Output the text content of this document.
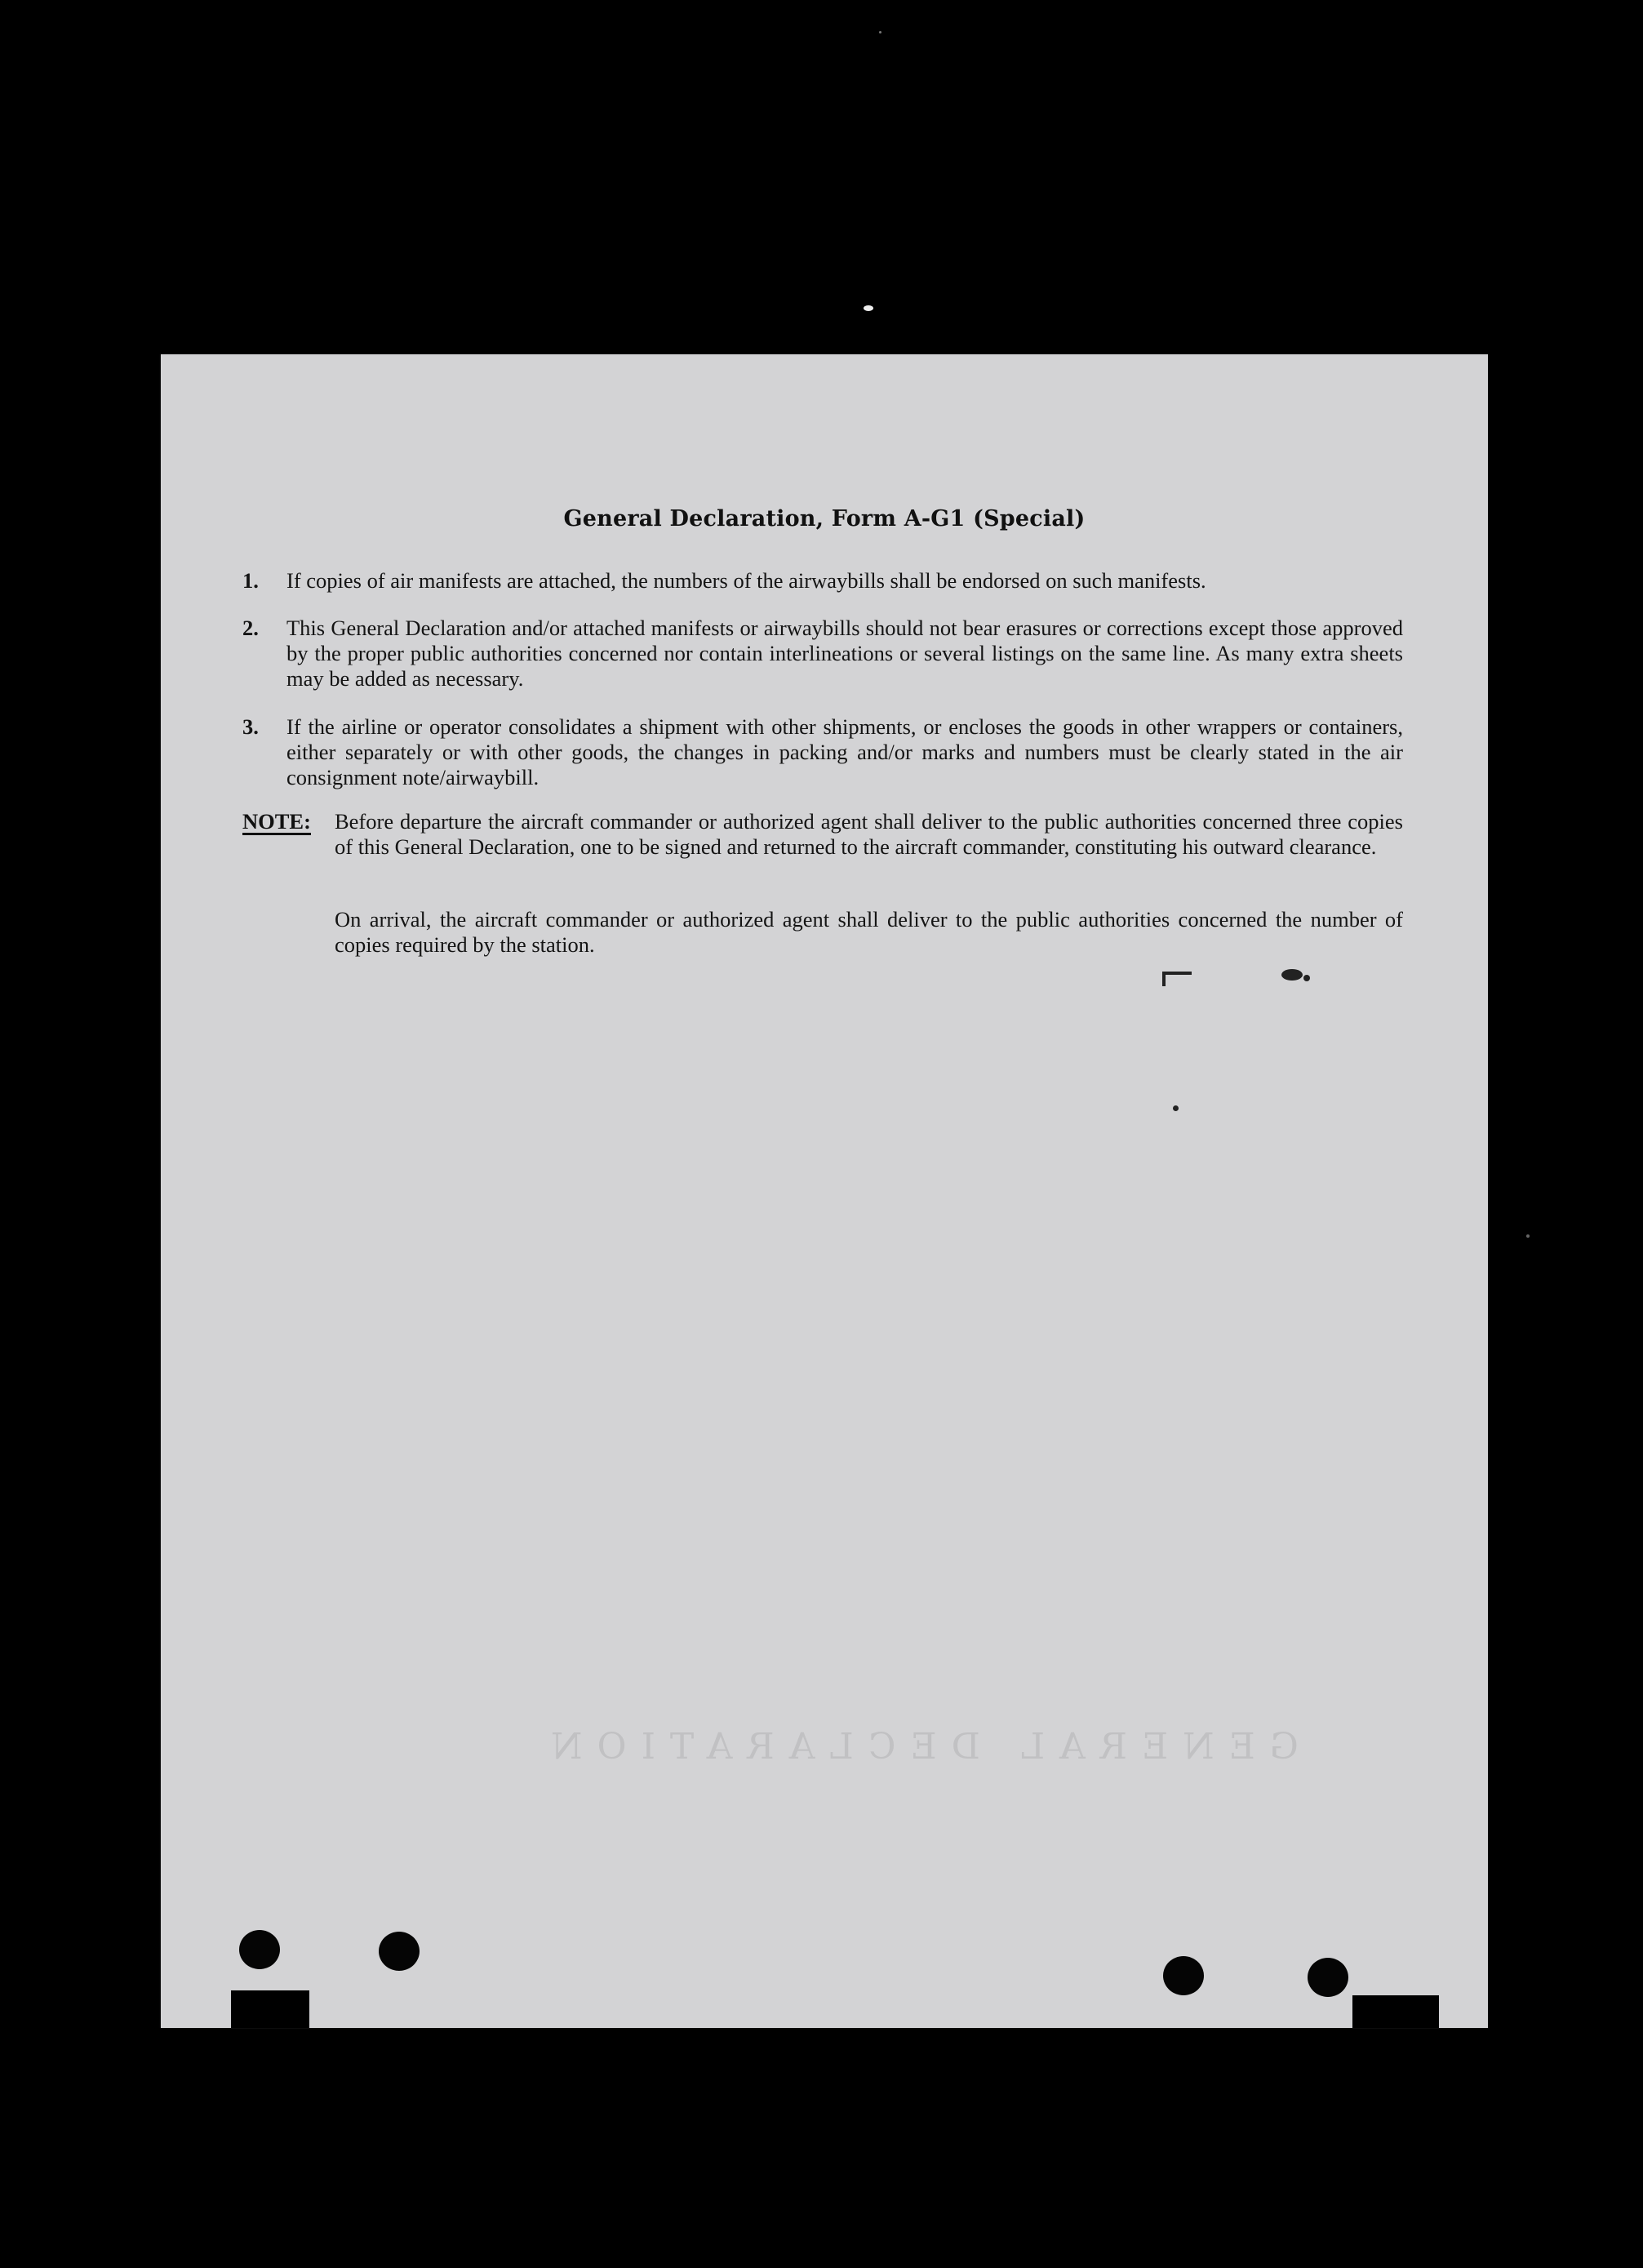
GENERAL DECLARATION
General Declaration, Form A-G1 (Special)
1.	If copies of air manifests are attached, the numbers of the airwaybills shall be endorsed on such manifests.
2.	This General Declaration and/or attached manifests or airwaybills should not bear erasures or corrections except those approved by the proper public authorities concerned nor contain interlineations or several listings on the same line. As many extra sheets may be added as necessary.
3.	If the airline or operator consolidates a shipment with other shipments, or encloses the goods in other wrappers or containers, either separately or with other goods, the changes in packing and/or marks and numbers must be clearly stated in the air consignment note/airwaybill.
NOTE: Before departure the aircraft commander or authorized agent shall deliver to the public authorities concerned three copies of this General Declaration, one to be signed and returned to the aircraft commander, constituting his outward clearance.
On arrival, the aircraft commander or authorized agent shall deliver to the public authorities concerned the number of copies required by the station.
